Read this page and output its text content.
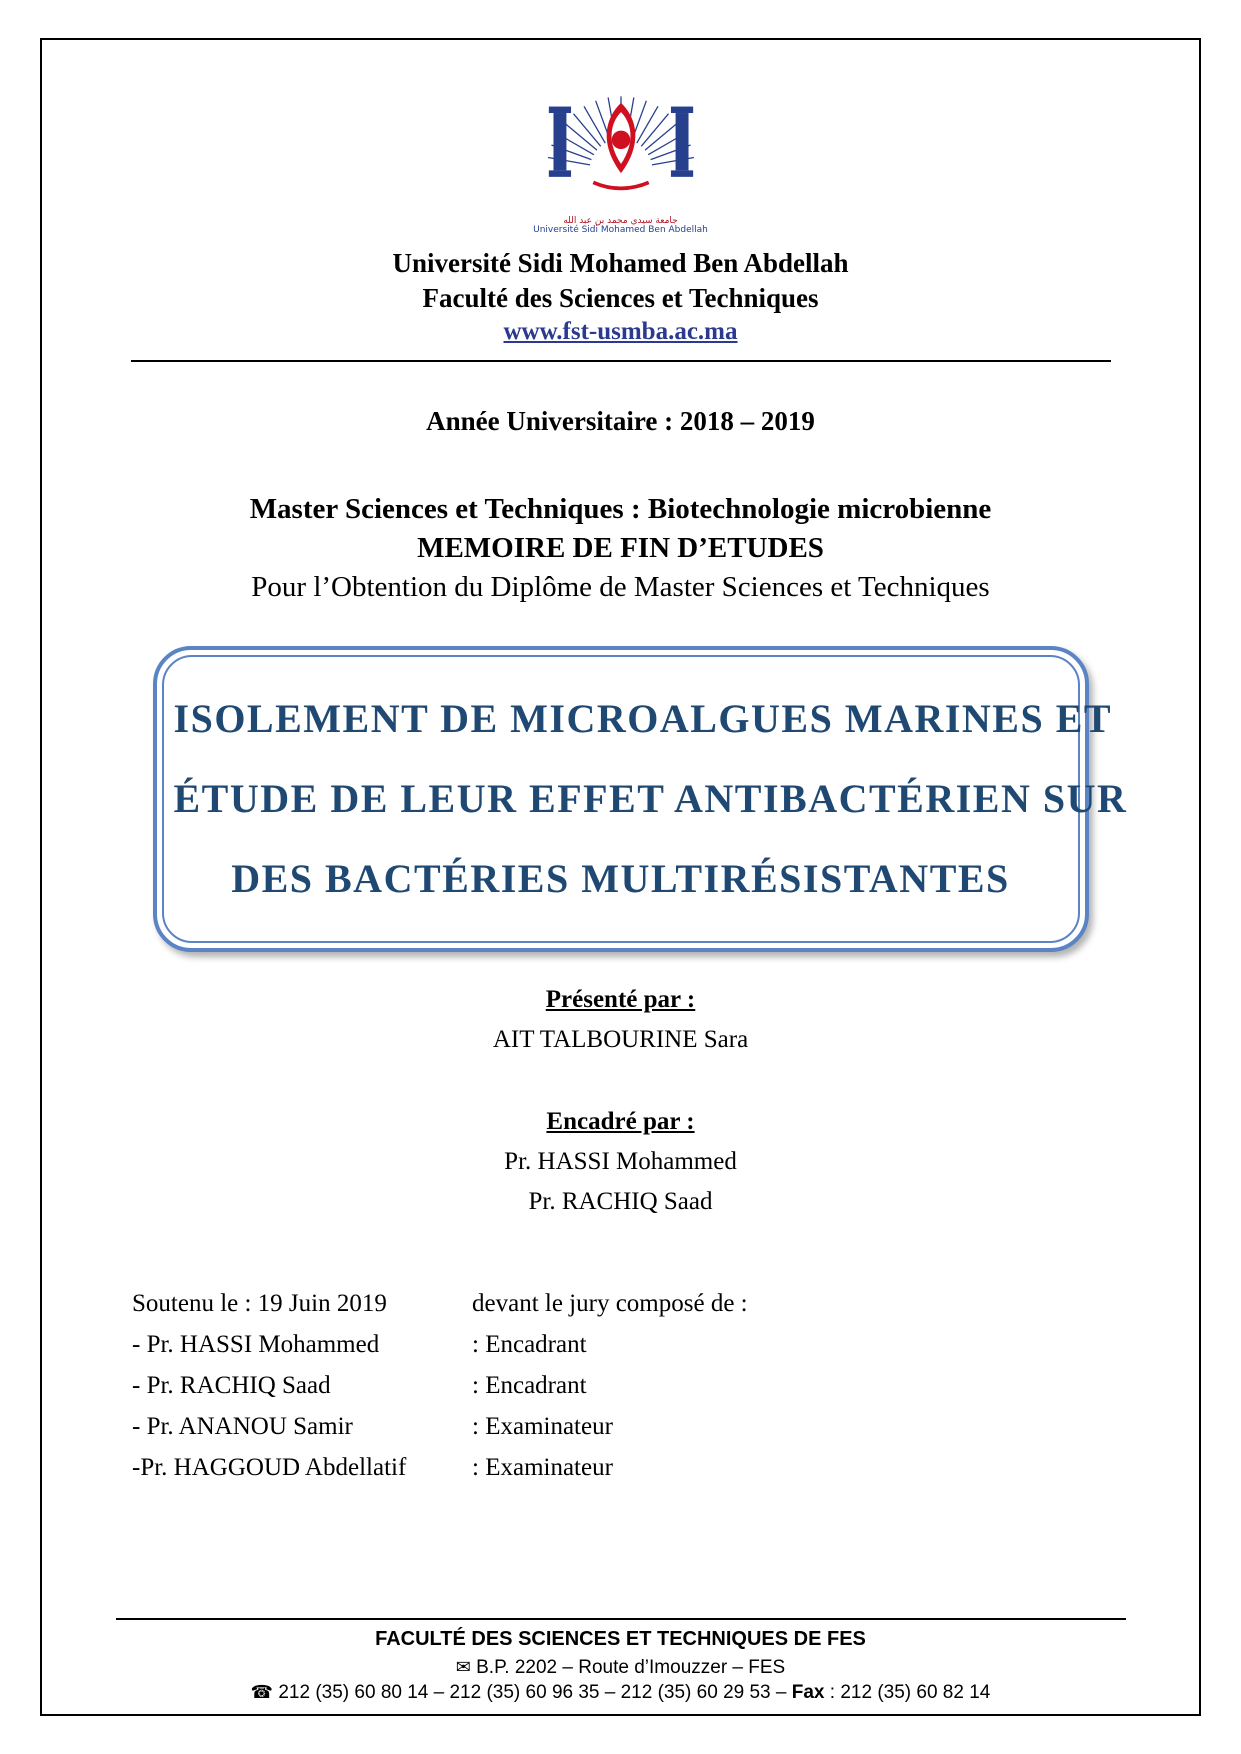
جامعة سيدي محمد بن عبد الله
Université Sidi Mohamed Ben Abdellah
Université Sidi Mohamed Ben Abdellah
Faculté des Sciences et Techniques
www.fst-usmba.ac.ma
Année Universitaire : 2018 – 2019
Master Sciences et Techniques : Biotechnologie microbienne
MEMOIRE DE FIN D’ETUDES
Pour l’Obtention du Diplôme de Master Sciences et Techniques
ISOLEMENT DE MICROALGUES MARINES ET
ÉTUDE DE LEUR EFFET ANTIBACTÉRIEN SUR
DES BACTÉRIES MULTIRÉSISTANTES
Présenté par :
AIT TALBOURINE Sara
Encadré par :
Pr. HASSI Mohammed
Pr. RACHIQ Saad
Soutenu le : 19 Juin 2019	devant le jury composé de :
- Pr. HASSI Mohammed	: Encadrant
- Pr. RACHIQ Saad	: Encadrant
- Pr. ANANOU Samir	: Examinateur
-Pr. HAGGOUD Abdellatif	: Examinateur
FACULTÉ DES SCIENCES ET TECHNIQUES DE FES
✉ B.P. 2202 – Route d’Imouzzer – FES
☎ 212 (35) 60 80 14 – 212 (35) 60 96 35 – 212 (35) 60 29 53 – Fax : 212 (35) 60 82 14
